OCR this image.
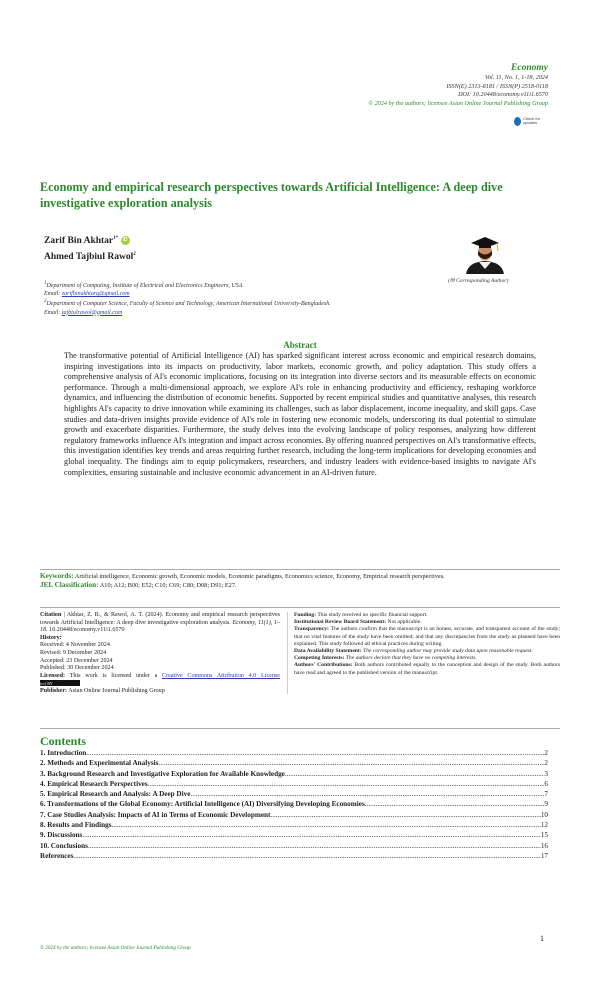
Economy
Vol. 11, No. 1, 1-18, 2024
ISSN(E) 2313-8181 / ISSN(P) 2518-0118
DOI: 10.20448/economy.v11i1.6570
© 2024 by the authors; licensee Asian Online Journal Publishing Group
Check for updates
Economy and empirical research perspectives towards Artificial Intelligence: A deep dive investigative exploration analysis
Zarif Bin Akhtar$^{1*}$ iD
Ahmed Tajbiul Rawol$^2$
(✉ Corresponding Author)
$^1$Department of Computing, Institute of Electrical and Electronics Engineers, USA.
Email: zarifbinakhtarg@gmail.com
$^2$Department of Computer Science, Faculty of Science and Technology, American International University-Bangladesh.
Email: tajbiulrawol@gmail.com
Abstract
The transformative potential of Artificial Intelligence (AI) has sparked significant interest across economic and empirical research domains, inspiring investigations into its impacts on productivity, labor markets, economic growth, and policy adaptation. This study offers a comprehensive analysis of AI's economic implications, focusing on its integration into diverse sectors and its measurable effects on economic performance. Through a multi-dimensional approach, we explore AI's role in enhancing productivity and efficiency, reshaping workforce dynamics, and influencing the distribution of economic benefits. Supported by recent empirical studies and quantitative analyses, this research highlights AI's capacity to drive innovation while examining its challenges, such as labor displacement, income inequality, and skill gaps. Case studies and data-driven insights provide evidence of AI's role in fostering new economic models, underscoring its dual potential to stimulate growth and exacerbate disparities. Furthermore, the study delves into the evolving landscape of policy responses, analyzing how different regulatory frameworks influence AI's integration and impact across economies. By offering nuanced perspectives on AI's transformative effects, this investigation identifies key trends and areas requiring further research, including the long-term implications for developing economies and global inequality. The findings aim to equip policymakers, researchers, and industry leaders with evidence-based insights to navigate AI's complexities, ensuring sustainable and inclusive economic advancement in an AI-driven future.
Keywords: Artificial intelligence, Economic growth, Economic models, Economic paradigms, Economics science, Economy, Empirical research perspectives.
JEL Classification: A10; A12; B00; E52; C10; C69; C80; D08; D91; E27.
Citation | Akhtar, Z. B., & Rawol, A. T. (2024). Economy and empirical research perspectives towards Artificial Intelligence: A deep dive investigative exploration analysis. Economy, 11(1), 1–18. 10.20448/economy.v11i1.6570
History:
Received: 4 November 2024
Revised: 9 December 2024
Accepted: 23 December 2024
Published: 30 December 2024
Licensed: This work is licensed under a Creative Commons Attribution 4.0 License (cc) BY
Publisher: Asian Online Journal Publishing Group
Funding: This study received no specific financial support.
Institutional Review Board Statement: Not applicable.
Transparency: The authors confirm that the manuscript is an honest, accurate, and transparent account of the study; that no vital features of the study have been omitted; and that any discrepancies from the study as planned have been explained. This study followed all ethical practices during writing.
Data Availability Statement: The corresponding author may provide study data upon reasonable request.
Competing Interests: The authors declare that they have no competing interests.
Authors' Contributions: Both authors contributed equally to the conception and design of the study. Both authors have read and agreed to the published version of the manuscript.
Contents
1. Introduction .....	2
2. Methods and Experimental Analysis .....	2
3. Background Research and Investigative Exploration for Available Knowledge .....	3
4. Empirical Research Perspectives .....	6
5. Empirical Research and Analysis: A Deep Dive .....	7
6. Transformations of the Global Economy: Artificial Intelligence (AI) Diversifying Developing Economies .....	9
7. Case Studies Analysis: Impacts of AI in Terms of Economic Development .....	10
8. Results and Findings .....	12
9. Discussions .....	15
10. Conclusions .....	16
References .....	17
1
© 2024 by the authors; licensee Asian Online Journal Publishing Group
